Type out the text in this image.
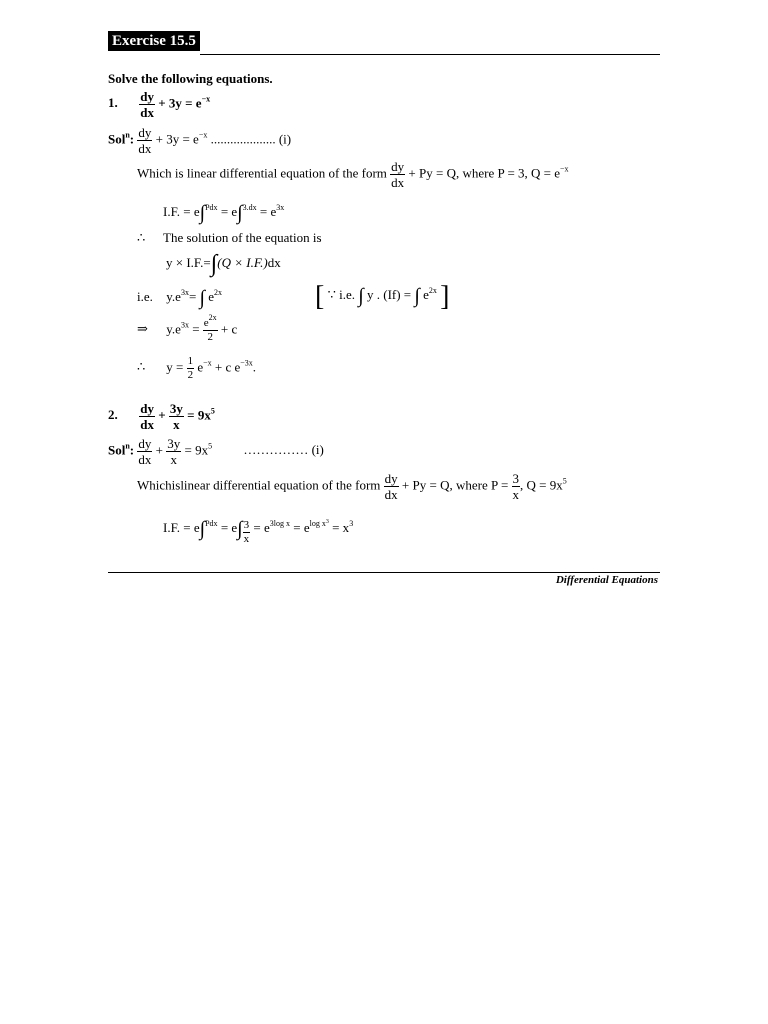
Exercise 15.5
Solve the following equations.
1. $\frac{dy}{dx} + 3y = e^{-x}$
Sol$^n$: $\frac{dy}{dx} + 3y = e^{-x}$ .................... (i)
Which is linear differential equation of the form $\frac{dy}{dx} + Py = Q$, where P = 3, $Q = e^{-x}$
I.F. = $e\int^{Pdx} = e\int^{3.dx} = e^{3x}$
∴ The solution of the equation is
y × I.F.=∫(Q × I.F.)dx
i.e. $y.e^{3x}=$ ∫ $e^{2x}$	[ ∵ i.e. ∫ y . (If) = ∫ $e^{2x}$ ]
⇒ $y.e^{3x} = \frac{e^{2x}}{2} + c$
∴ $y = \frac{1}{2} e^{-x} + c$ $e^{-3x}$.
2. $\frac{dy}{dx} + \frac{3y}{x} = 9x^5$
Sol$^n$: $\frac{dy}{dx} + \frac{3y}{x} = 9x^5$ …………… (i)
Whichislinear differential equation of the form $\frac{dy}{dx} + Py = Q$, where $P = \frac{3}{x}$ , $Q = 9x^5$
I.F. = $e\int^{Pdx} = e\int \frac{3}{x} = e^{3log x} = e^{log x^3} = x^3$
Differential Equations
